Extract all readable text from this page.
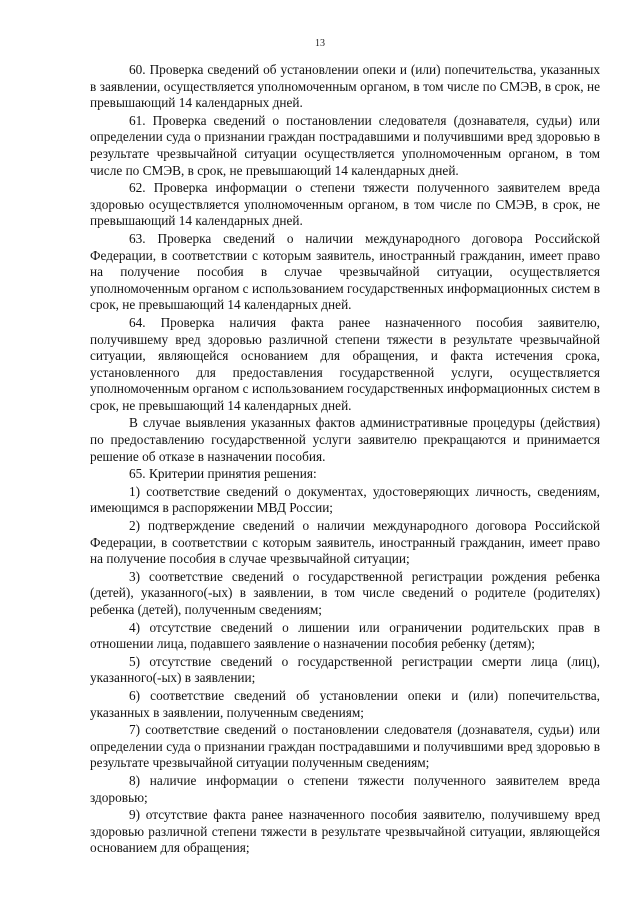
13

60. Проверка сведений об установлении опеки и (или) попечительства, указанных в заявлении, осуществляется уполномоченным органом, в том числе по СМЭВ, в срок, не превышающий 14 календарных дней.

61. Проверка сведений о постановлении следователя (дознавателя, судьи) или определении суда о признании граждан пострадавшими и получившими вред здоровью в результате чрезвычайной ситуации осуществляется уполномоченным органом, в том числе по СМЭВ, в срок, не превышающий 14 календарных дней.

62. Проверка информации о степени тяжести полученного заявителем вреда здоровью осуществляется уполномоченным органом, в том числе по СМЭВ, в срок, не превышающий 14 календарных дней.

63. Проверка сведений о наличии международного договора Российской Федерации, в соответствии с которым заявитель, иностранный гражданин, имеет право на получение пособия в случае чрезвычайной ситуации, осуществляется уполномоченным органом с использованием государственных информационных систем в срок, не превышающий 14 календарных дней.

64. Проверка наличия факта ранее назначенного пособия заявителю, получившему вред здоровью различной степени тяжести в результате чрезвычайной ситуации, являющейся основанием для обращения, и факта истечения срока, установленного для предоставления государственной услуги, осуществляется уполномоченным органом с использованием государственных информационных систем в срок, не превышающий 14 календарных дней.

В случае выявления указанных фактов административные процедуры (действия) по предоставлению государственной услуги заявителю прекращаются и принимается решение об отказе в назначении пособия.

65. Критерии принятия решения:

1) соответствие сведений о документах, удостоверяющих личность, сведениям, имеющимся в распоряжении МВД России;

2) подтверждение сведений о наличии международного договора Российской Федерации, в соответствии с которым заявитель, иностранный гражданин, имеет право на получение пособия в случае чрезвычайной ситуации;

3) соответствие сведений о государственной регистрации рождения ребенка (детей), указанного(-ых) в заявлении, в том числе сведений о родителе (родителях) ребенка (детей), полученным сведениям;

4) отсутствие сведений о лишении или ограничении родительских прав в отношении лица, подавшего заявление о назначении пособия ребенку (детям);

5) отсутствие сведений о государственной регистрации смерти лица (лиц), указанного(-ых) в заявлении;

6) соответствие сведений об установлении опеки и (или) попечительства, указанных в заявлении, полученным сведениям;

7) соответствие сведений о постановлении следователя (дознавателя, судьи) или определении суда о признании граждан пострадавшими и получившими вред здоровью в результате чрезвычайной ситуации полученным сведениям;

8) наличие информации о степени тяжести полученного заявителем вреда здоровью;

9) отсутствие факта ранее назначенного пособия заявителю, получившему вред здоровью различной степени тяжести в результате чрезвычайной ситуации, являющейся основанием для обращения;
